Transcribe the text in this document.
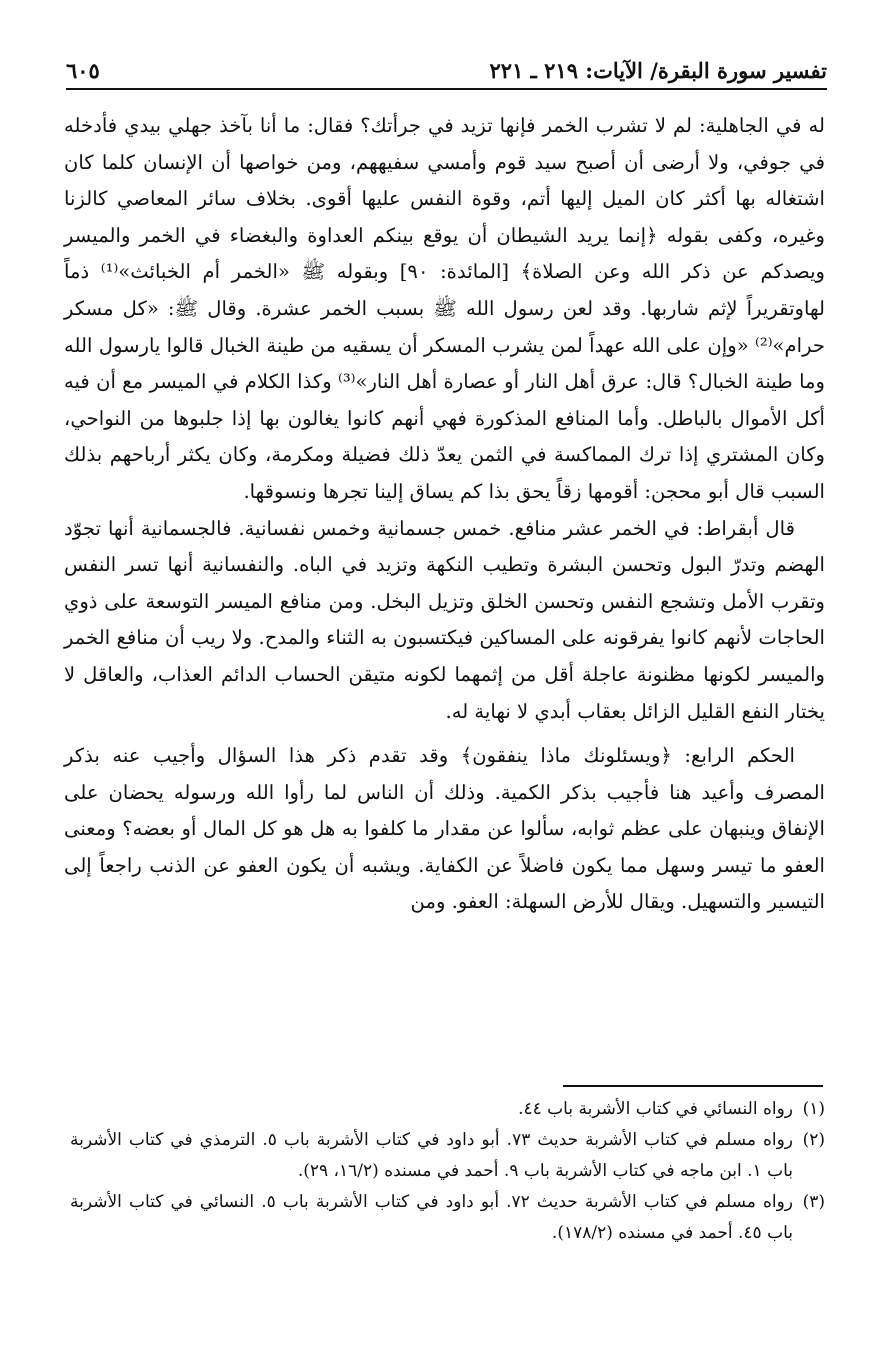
تفسير سورة البقرة/ الآيات: ٢١٩ ـ ٢٢١
٦٠٥

له في الجاهلية: لم لا تشرب الخمر فإنها تزيد في جرأتك؟ فقال: ما أنا بآخذ جهلي بيدي فأدخله في جوفي، ولا أرضى أن أصبح سيد قوم وأمسي سفيههم، ومن خواصها أن الإنسان كلما كان اشتغاله بها أكثر كان الميل إليها أتم، وقوة النفس عليها أقوى. بخلاف سائر المعاصي كالزنا وغيره، وكفى بقوله ﴿إنما يريد الشيطان أن يوقع بينكم العداوة والبغضاء في الخمر والميسر ويصدكم عن ذكر الله وعن الصلاة﴾ [المائدة: ٩٠] وبقوله ﷺ «الخمر أم الخبائث»⁽¹⁾ ذماً لهاوتقريراً لإثم شاربها. وقد لعن رسول الله ﷺ بسبب الخمر عشرة. وقال ﷺ: «كل مسكر حرام»⁽²⁾ «وإن على الله عهداً لمن يشرب المسكر أن يسقيه من طينة الخبال قالوا يارسول الله وما طينة الخبال؟ قال: عرق أهل النار أو عصارة أهل النار»⁽³⁾ وكذا الكلام في الميسر مع أن فيه أكل الأموال بالباطل. وأما المنافع المذكورة فهي أنهم كانوا يغالون بها إذا جلبوها من النواحي، وكان المشتري إذا ترك المماكسة في الثمن يعدّ ذلك فضيلة ومكرمة، وكان يكثر أرباحهم بذلك السبب قال أبو محجن: أقومها زقاً يحق بذا كم يساق إلينا تجرها ونسوقها.

قال أبقراط: في الخمر عشر منافع. خمس جسمانية وخمس نفسانية. فالجسمانية أنها تجوّد الهضم وتدرّ البول وتحسن البشرة وتطيب النكهة وتزيد في الباه. والنفسانية أنها تسر النفس وتقرب الأمل وتشجع النفس وتحسن الخلق وتزيل البخل. ومن منافع الميسر التوسعة على ذوي الحاجات لأنهم كانوا يفرقونه على المساكين فيكتسبون به الثناء والمدح. ولا ريب أن منافع الخمر والميسر لكونها مظنونة عاجلة أقل من إثمهما لكونه متيقن الحساب الدائم العذاب، والعاقل لا يختار النفع القليل الزائل بعقاب أبدي لا نهاية له.

الحكم الرابع: ﴿ويسئلونك ماذا ينفقون﴾ وقد تقدم ذكر هذا السؤال وأجيب عنه بذكر المصرف وأعيد هنا فأجيب بذكر الكمية. وذلك أن الناس لما رأوا الله ورسوله يحضان على الإنفاق وينبهان على عظم ثوابه، سألوا عن مقدار ما كلفوا به هل هو كل المال أو بعضه؟ ومعنى العفو ما تيسر وسهل مما يكون فاضلاً عن الكفاية. ويشبه أن يكون العفو عن الذنب راجعاً إلى التيسير والتسهيل. ويقال للأرض السهلة: العفو. ومن

(١)رواه النسائي في كتاب الأشربة باب ٤٤.

(٢)رواه مسلم في كتاب الأشربة حديث ٧٣. أبو داود في كتاب الأشربة باب ٥. الترمذي في كتاب الأشربة باب ١. ابن ماجه في كتاب الأشربة باب ٩. أحمد في مسنده (١٦/٢، ٢٩).

(٣)رواه مسلم في كتاب الأشربة حديث ٧٢. أبو داود في كتاب الأشربة باب ٥. النسائي في كتاب الأشربة باب ٤٥. أحمد في مسنده (١٧٨/٢).
